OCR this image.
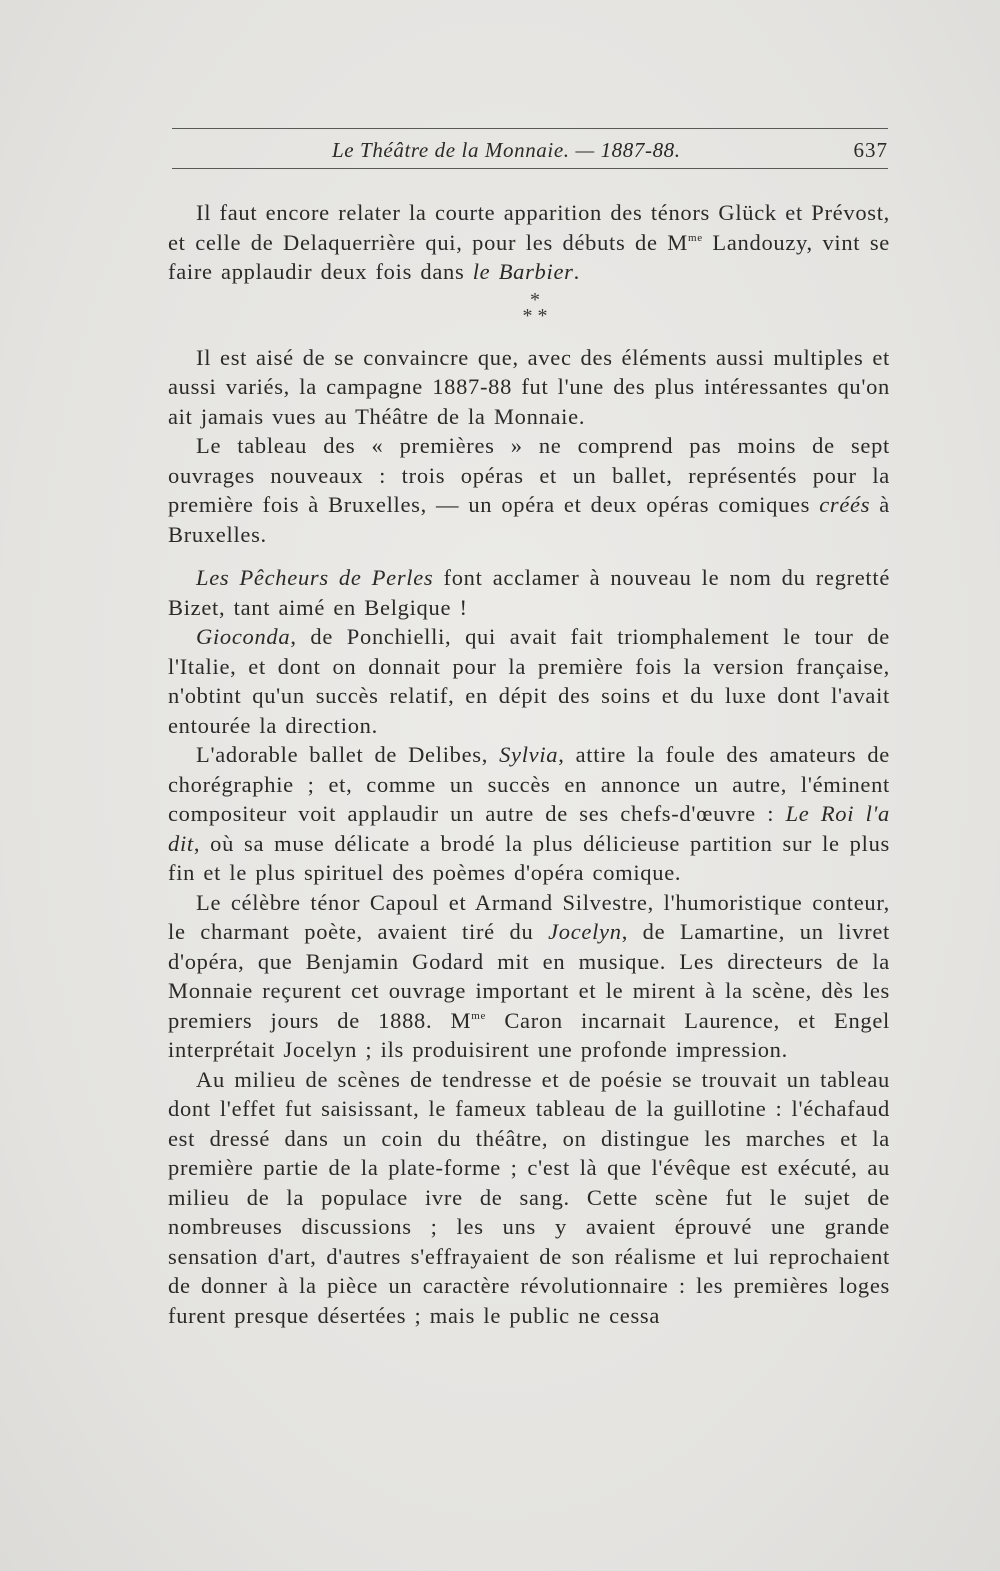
Le Théâtre de la Monnaie. — 1887-88.	637

Il faut encore relater la courte apparition des ténors Glück et Prévost, et celle de Delaquerrière qui, pour les débuts de $M^{me}$ Landouzy, vint se faire applaudir deux fois dans le Barbier.

*
* *

Il est aisé de se convaincre que, avec des éléments aussi multiples et aussi variés, la campagne 1887-88 fut l'une des plus intéressantes qu'on ait jamais vues au Théâtre de la Monnaie.

Le tableau des « premières » ne comprend pas moins de sept ouvrages nouveaux : trois opéras et un ballet, représentés pour la première fois à Bruxelles, — un opéra et deux opéras comiques créés à Bruxelles.

Les Pêcheurs de Perles font acclamer à nouveau le nom du regretté Bizet, tant aimé en Belgique !

Gioconda, de Ponchielli, qui avait fait triomphalement le tour de l'Italie, et dont on donnait pour la première fois la version française, n'obtint qu'un succès relatif, en dépit des soins et du luxe dont l'avait entourée la direction.

L'adorable ballet de Delibes, Sylvia, attire la foule des amateurs de chorégraphie ; et, comme un succès en annonce un autre, l'éminent compositeur voit applaudir un autre de ses chefs-d'œuvre : Le Roi l'a dit, où sa muse délicate a brodé la plus délicieuse partition sur le plus fin et le plus spirituel des poèmes d'opéra comique.

Le célèbre ténor Capoul et Armand Silvestre, l'humoristique conteur, le charmant poète, avaient tiré du Jocelyn, de Lamartine, un livret d'opéra, que Benjamin Godard mit en musique. Les directeurs de la Monnaie reçurent cet ouvrage important et le mirent à la scène, dès les premiers jours de 1888. $M^{me}$ Caron incarnait Laurence, et Engel interprétait Jocelyn ; ils produisirent une profonde impression.

Au milieu de scènes de tendresse et de poésie se trouvait un tableau dont l'effet fut saisissant, le fameux tableau de la guillotine : l'échafaud est dressé dans un coin du théâtre, on distingue les marches et la première partie de la plate-forme ; c'est là que l'évêque est exécuté, au milieu de la populace ivre de sang. Cette scène fut le sujet de nombreuses discussions ; les uns y avaient éprouvé une grande sensation d'art, d'autres s'effrayaient de son réalisme et lui reprochaient de donner à la pièce un caractère révolutionnaire : les premières loges furent presque désertées ; mais le public ne cessa
